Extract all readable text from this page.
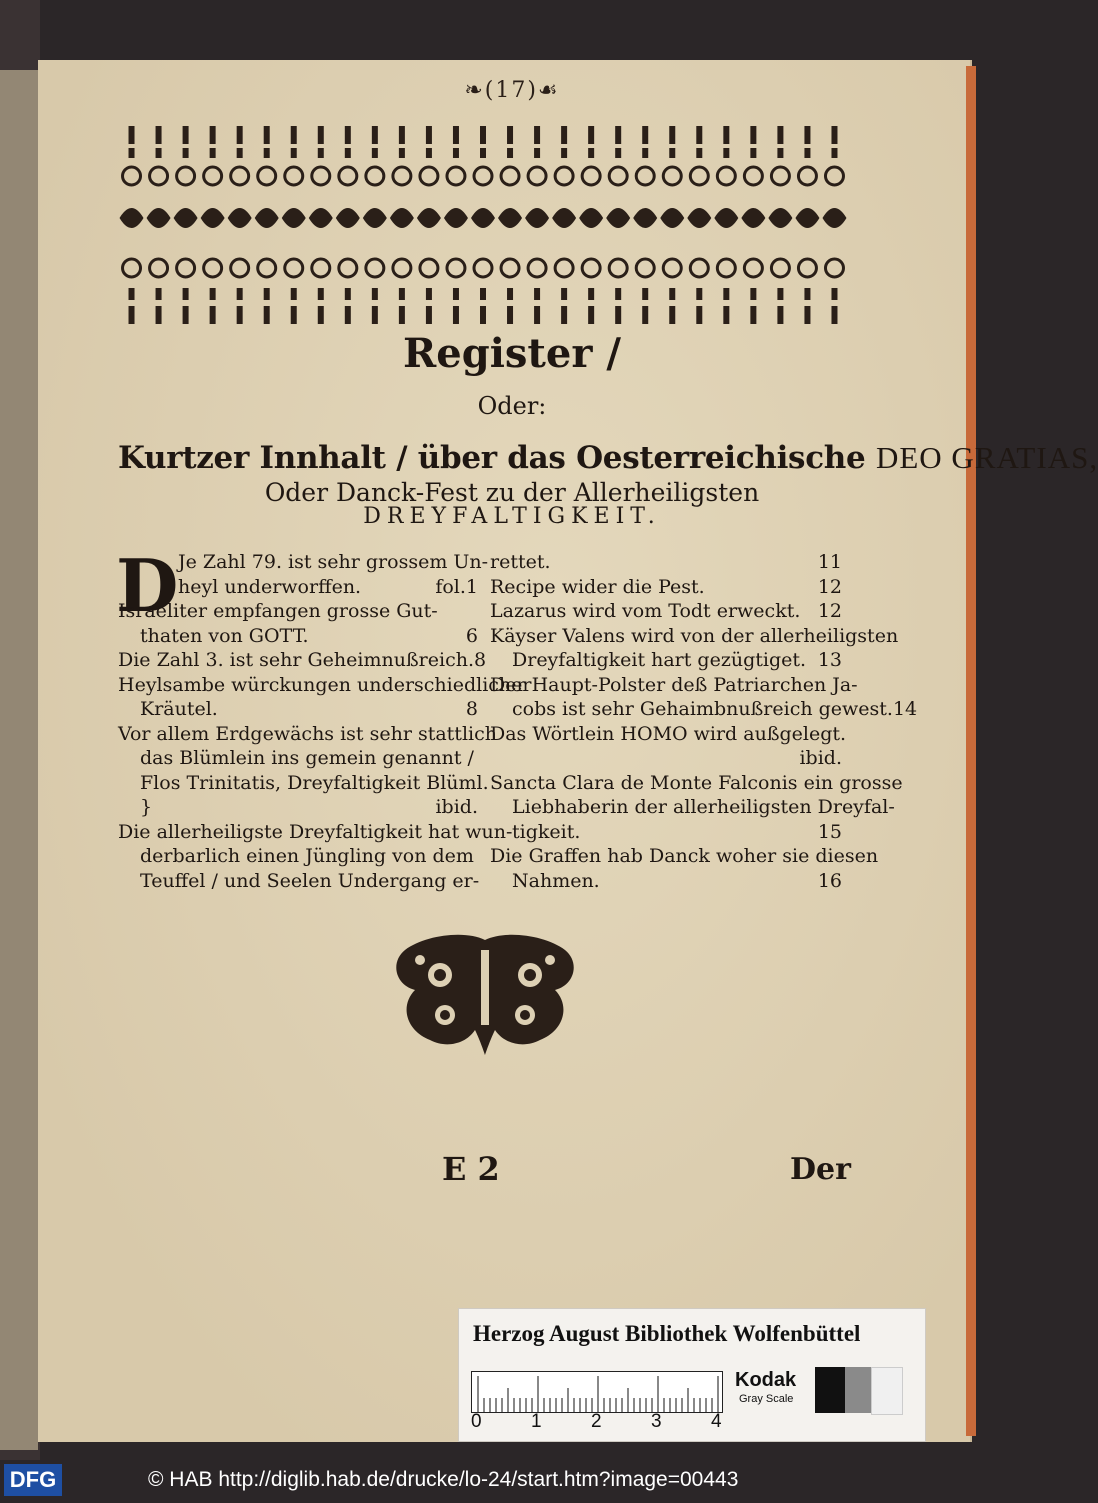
❧(17)☙
Register /
Oder:
Kurtzer Innhalt / über das Oesterreichische DEO GRATIAS,
Oder Danck-Fest zu der Allerheiligsten
DREYFALTIGKEIT.
D Je Zahl 79. ist sehr grossem Un-
heyl underworffen.	fol.1
Israeliter empfangen grosse Gut-
thaten von GOTT.	6
Die Zahl 3. ist sehr Geheimnußreich. 8
Heylsambe würckungen underschiedlicher
Kräutel.	8
Vor allem Erdgewächs ist sehr stattlich
das Blümlein ins gemein genannt /
Flos Trinitatis, Dreyfaltigkeit Blüml.
}	ibid.
Die allerheiligste Dreyfaltigkeit hat wun-
derbarlich einen Jüngling von dem
Teuffel / und Seelen Undergang er-
rettet.	11
Recipe wider die Pest.	12
Lazarus wird vom Todt erweckt. 12
Käyser Valens wird von der allerheiligsten
Dreyfaltigkeit hart gezügtiget. 13
Der Haupt-Polster deß Patriarchen Ja-
cobs ist sehr Gehaimbnußreich gewest. 14
Das Wörtlein HOMO wird außgelegt.
ibid.
Sancta Clara de Monte Falconis ein grosse
Liebhaberin der allerheiligsten Dreyfal-
tigkeit.	15
Die Graffen hab Danck woher sie diesen
Nahmen.	16
E 2	Der
Herzog August Bibliothek Wolfenbüttel
0	1	2	3	4
Kodak
Gray Scale
DFG	© HAB http://diglib.hab.de/drucke/lo-24/start.htm?image=00443
